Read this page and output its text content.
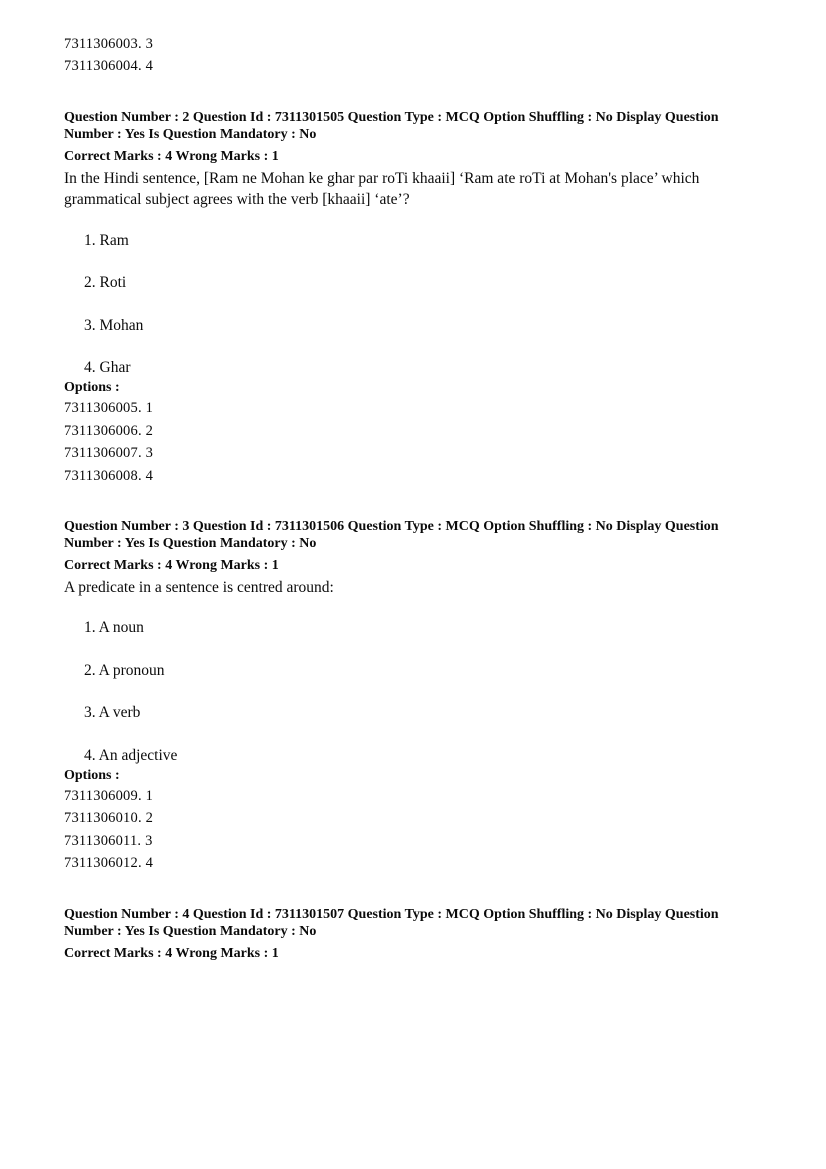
7311306003. 3

7311306004. 4

Question Number : 2 Question Id : 7311301505 Question Type : MCQ Option Shuffling : No Display Question

Number : Yes Is Question Mandatory : No

Correct Marks : 4 Wrong Marks : 1

In the Hindi sentence, [Ram ne Mohan ke ghar par roTi khaaii] ‘Ram ate roTi at Mohan's place’ which grammatical subject agrees with the verb [khaaii] ‘ate’?

1. Ram

2. Roti

3. Mohan

4. Ghar

Options :

7311306005. 1

7311306006. 2

7311306007. 3

7311306008. 4

Question Number : 3 Question Id : 7311301506 Question Type : MCQ Option Shuffling : No Display Question

Number : Yes Is Question Mandatory : No

Correct Marks : 4 Wrong Marks : 1

A predicate in a sentence is centred around:

1. A noun

2. A pronoun

3. A verb

4. An adjective

Options :

7311306009. 1

7311306010. 2

7311306011. 3

7311306012. 4

Question Number : 4 Question Id : 7311301507 Question Type : MCQ Option Shuffling : No Display Question

Number : Yes Is Question Mandatory : No

Correct Marks : 4 Wrong Marks : 1
